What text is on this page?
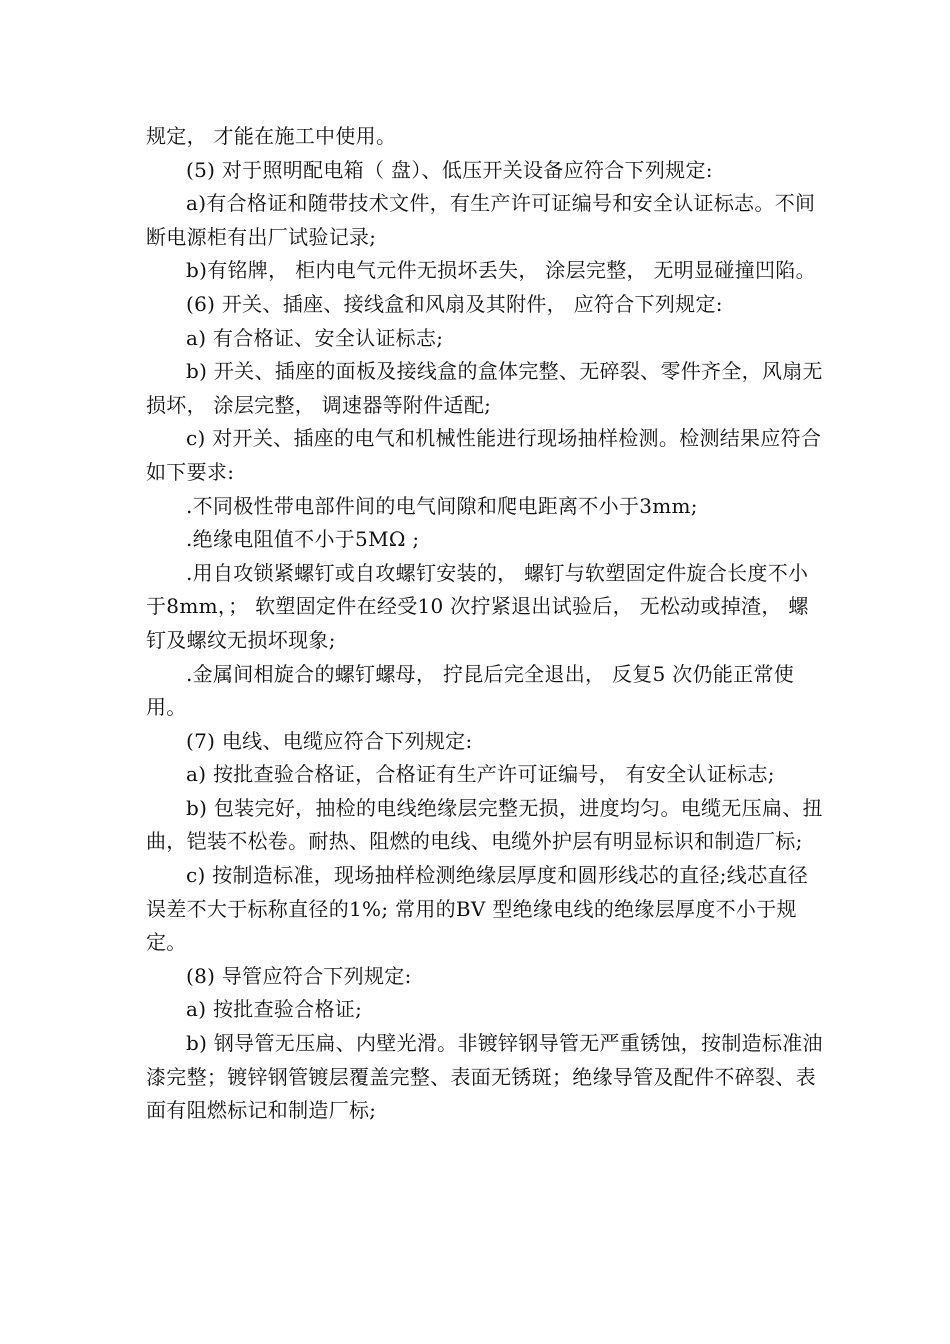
规定， 才能在施工中使用。

(5) 对于照明配电箱（ 盘）、低压开关设备应符合下列规定:

a)有合格证和随带技术文件，有生产许可证编号和安全认证标志。不间断电源柜有出厂试验记录;

b)有铭牌， 柜内电气元件无损坏丢失， 涂层完整， 无明显碰撞凹陷。

(6) 开关、插座、接线盒和风扇及其附件， 应符合下列规定:

a) 有合格证、安全认证标志;

b) 开关、插座的面板及接线盒的盒体完整、无碎裂、零件齐全，风扇无损坏， 涂层完整， 调速器等附件适配;

c) 对开关、插座的电气和机械性能进行现场抽样检测。检测结果应符合如下要求:

.不同极性带电部件间的电气间隙和爬电距离不小于3mm;

.绝缘电阻值不小于5MΩ ;

.用自攻锁紧螺钉或自攻螺钉安装的， 螺钉与软塑固定件旋合长度不小于8mm，； 软塑固定件在经受10 次拧紧退出试验后， 无松动或掉渣， 螺钉及螺纹无损坏现象;

.金属间相旋合的螺钉螺母， 拧昆后完全退出， 反复5 次仍能正常使用。

(7) 电线、电缆应符合下列规定:

a) 按批查验合格证，合格证有生产许可证编号， 有安全认证标志;

b) 包装完好，抽检的电线绝缘层完整无损，进度均匀。电缆无压扁、扭曲，铠装不松卷。耐热、阻燃的电线、电缆外护层有明显标识和制造厂标;

c) 按制造标准，现场抽样检测绝缘层厚度和圆形线芯的直径;线芯直径误差不大于标称直径的1%; 常用的BV 型绝缘电线的绝缘层厚度不小于规定。

(8) 导管应符合下列规定:

a) 按批查验合格证;

b) 钢导管无压扁、内壁光滑。非镀锌钢导管无严重锈蚀，按制造标准油漆完整；镀锌钢管镀层覆盖完整、表面无锈斑；绝缘导管及配件不碎裂、表面有阻燃标记和制造厂标;
